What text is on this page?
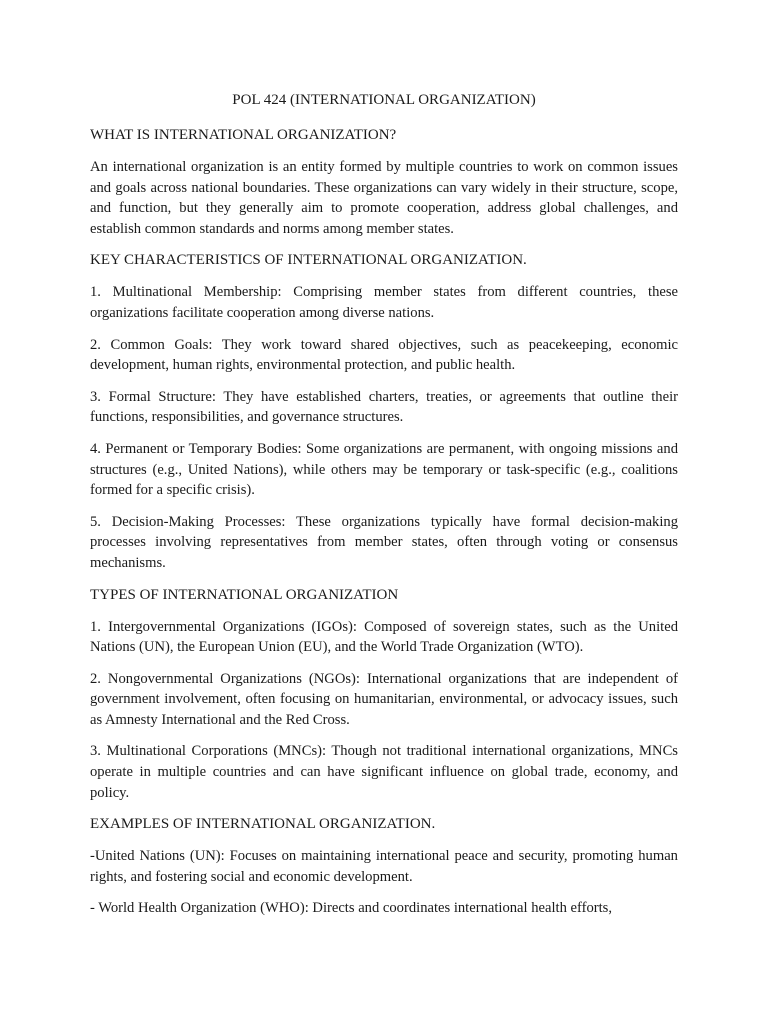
POL 424 (INTERNATIONAL ORGANIZATION)
WHAT IS INTERNATIONAL ORGANIZATION?

An international organization is an entity formed by multiple countries to work on common issues and goals across national boundaries. These organizations can vary widely in their structure, scope, and function, but they generally aim to promote cooperation, address global challenges, and establish common standards and norms among member states.

KEY CHARACTERISTICS OF INTERNATIONAL ORGANIZATION.

1. Multinational Membership: Comprising member states from different countries, these organizations facilitate cooperation among diverse nations.

2. Common Goals: They work toward shared objectives, such as peacekeeping, economic development, human rights, environmental protection, and public health.

3. Formal Structure: They have established charters, treaties, or agreements that outline their functions, responsibilities, and governance structures.

4. Permanent or Temporary Bodies: Some organizations are permanent, with ongoing missions and structures (e.g., United Nations), while others may be temporary or task-specific (e.g., coalitions formed for a specific crisis).

5. Decision-Making Processes: These organizations typically have formal decision-making processes involving representatives from member states, often through voting or consensus mechanisms.

TYPES OF INTERNATIONAL ORGANIZATION

1. Intergovernmental Organizations (IGOs): Composed of sovereign states, such as the United Nations (UN), the European Union (EU), and the World Trade Organization (WTO).

2. Nongovernmental Organizations (NGOs): International organizations that are independent of government involvement, often focusing on humanitarian, environmental, or advocacy issues, such as Amnesty International and the Red Cross.

3. Multinational Corporations (MNCs): Though not traditional international organizations, MNCs operate in multiple countries and can have significant influence on global trade, economy, and policy.

EXAMPLES OF INTERNATIONAL ORGANIZATION.

-United Nations (UN): Focuses on maintaining international peace and security, promoting human rights, and fostering social and economic development.

- World Health Organization (WHO): Directs and coordinates international health efforts,
